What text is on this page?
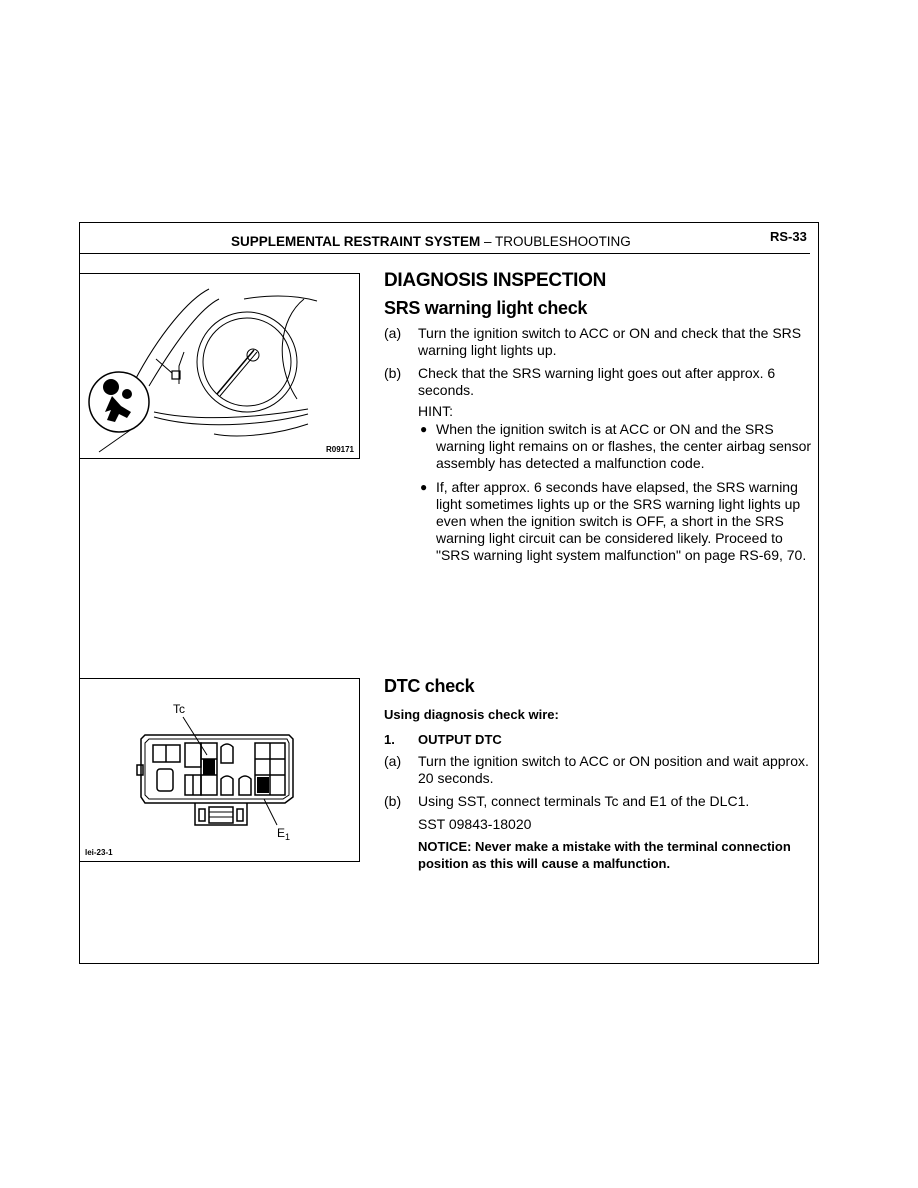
SUPPLEMENTAL RESTRAINT SYSTEM – TROUBLESHOOTING	RS-33
R09171
Tc
$E_1$
lei-23-1
DIAGNOSIS INSPECTION
SRS warning light check
(a) Turn the ignition switch to ACC or ON and check that the SRS warning light lights up.
(b) Check that the SRS warning light goes out after approx. 6 seconds.
HINT:
● When the ignition switch is at ACC or ON and the SRS warning light remains on or flashes, the center airbag sensor assembly has detected a malfunction code.
● If, after approx. 6 seconds have elapsed, the SRS warning light sometimes lights up or the SRS warning light lights up even when the ignition switch is OFF, a short in the SRS warning light circuit can be considered likely. Proceed to "SRS warning light system malfunction" on page RS-69, 70.
DTC check
Using diagnosis check wire:
1. OUTPUT DTC
(a) Turn the ignition switch to ACC or ON position and wait approx. 20 seconds.
(b) Using SST, connect terminals Tc and E1 of the DLC1.
SST 09843-18020
NOTICE: Never make a mistake with the terminal connection position as this will cause a malfunction.
